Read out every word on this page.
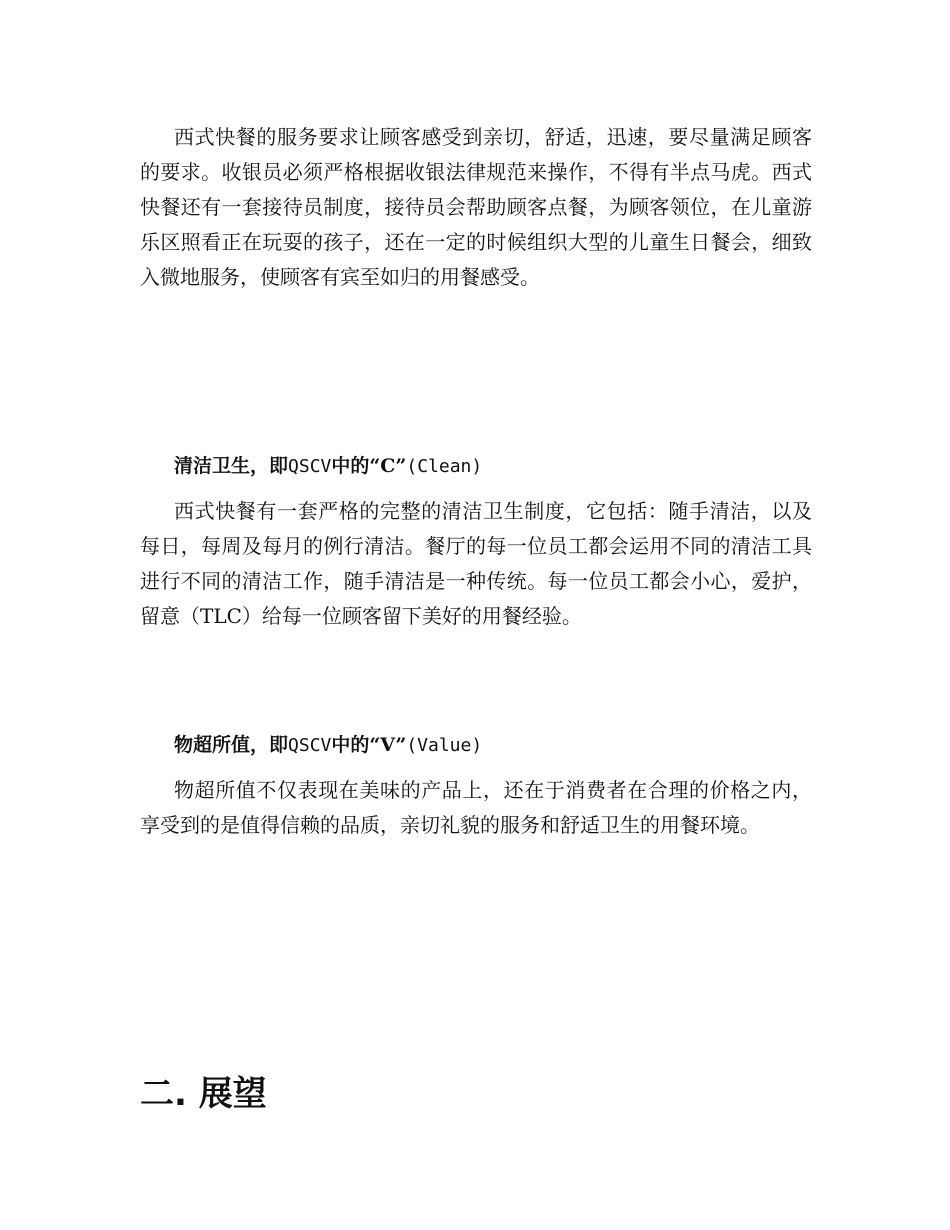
西式快餐的服务要求让顾客感受到亲切，舒适，迅速，要尽量满足顾客的要求。收银员必须严格根据收银法律规范来操作，不得有半点马虎。西式快餐还有一套接待员制度，接待员会帮助顾客点餐，为顾客领位，在儿童游乐区照看正在玩耍的孩子，还在一定的时候组织大型的儿童生日餐会，细致入微地服务，使顾客有宾至如归的用餐感受。

清洁卫生，即QSCV中的“C”(Clean)

西式快餐有一套严格的完整的清洁卫生制度，它包括：随手清洁，以及每日，每周及每月的例行清洁。餐厅的每一位员工都会运用不同的清洁工具进行不同的清洁工作，随手清洁是一种传统。每一位员工都会小心，爱护，留意（TLC）给每一位顾客留下美好的用餐经验。

物超所值，即QSCV中的“V”(Value)

物超所值不仅表现在美味的产品上，还在于消费者在合理的价格之内，享受到的是值得信赖的品质，亲切礼貌的服务和舒适卫生的用餐环境。

二. 展望
